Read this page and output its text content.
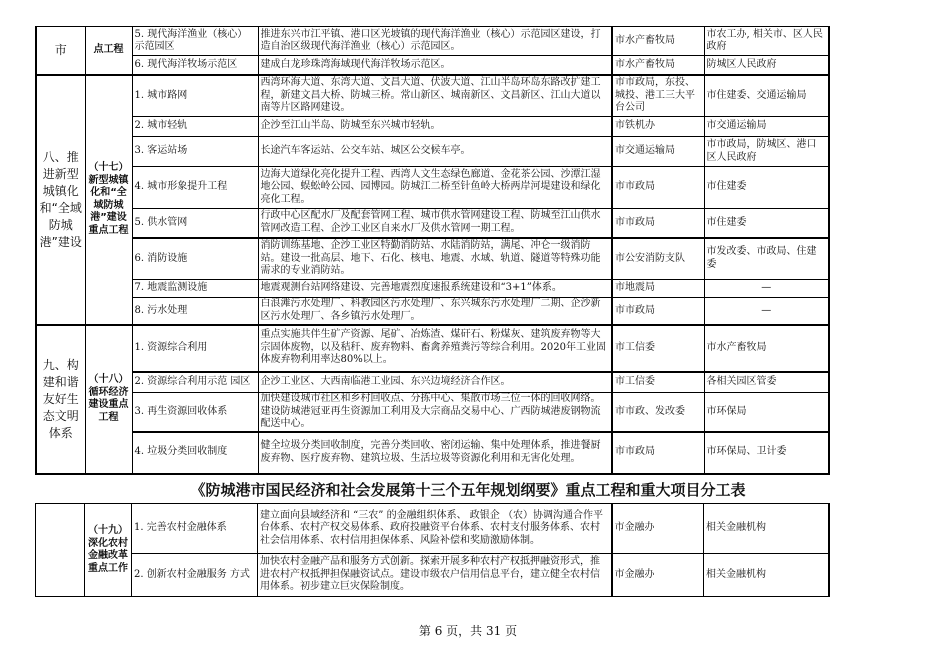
市	点工程	5. 现代海洋渔业（核心）示范园区	推进东兴市江平镇、港口区光坡镇的现代海洋渔业（核心）示范园区建设，打造自治区级现代海洋渔业（核心）示范园区。	市水产畜牧局	市农工办, 相关市、区人民政府
		6. 现代海洋牧场示范区	建成白龙珍珠湾海域现代海洋牧场示范区。	市水产畜牧局	防城区人民政府
八、推进新型城镇化和“全域防城港”建设	（十七）新型城镇化和“全域防城港”建设重点工程	1. 城市路网	西湾环海大道、东湾大道、文昌大道、伏波大道、江山半岛环岛东路改扩建工程，新建文昌大桥、防城三桥。常山新区、城南新区、文昌新区、江山大道以南等片区路网建设。	市市政局，东投、城投、港工三大平台公司	市住建委、交通运输局
		2. 城市轻轨	企沙至江山半岛、防城至东兴城市轻轨。	市铁机办	市交通运输局
		3. 客运站场	长途汽车客运站、公交车站、城区公交候车亭。	市交通运输局	市市政局，防城区、港口区人民政府
		4. 城市形象提升工程	边海大道绿化亮化提升工程、西湾人文生态绿色廊道、金花茶公园、沙潭江湿地公园、蜈蚣岭公园、园博园。防城江二桥至针鱼岭大桥两岸河堤建设和绿化亮化工程。	市市政局	市住建委
		5. 供水管网	行政中心区配水厂及配套管网工程、城市供水管网建设工程、防城至江山供水管网改造工程、企沙工业区自来水厂及供水管网一期工程。	市市政局	市住建委
		6. 消防设施	消防训练基地、企沙工业区特勤消防站、水陆消防站，满尾、冲仑一级消防站。建设一批高层、地下、石化、核电、地震、水域、轨道、隧道等特殊功能需求的专业消防站。	市公安消防支队	市发改委、市政局、住建委
		7. 地震监测设施	地震观测台站网络建设、完善地震烈度速报系统建设和“3+1”体系。	市地震局	—
		8. 污水处理	白浪滩污水处理厂、科教园区污水处理厂、东兴城东污水处理厂二期、企沙新区污水处理厂、各乡镇污水处理厂。	市市政局	—
九、构建和谐友好生态文明体系	（十八）循环经济建设重点工程	1. 资源综合利用	重点实施共伴生矿产资源、尾矿、冶炼渣、煤矸石、粉煤灰、建筑废弃物等大宗固体废物，以及秸秆、废弃物料、畜禽养殖粪污等综合利用。2020年工业固体废弃物利用率达80%以上。	市工信委	市水产畜牧局
		2. 资源综合利用示范 园区	企沙工业区、大西南临港工业园、东兴边境经济合作区。	市工信委	各相关园区管委
		3. 再生资源回收体系	加快建设城市社区和乡村回收点、分拣中心、集散市场三位一体的回收网络。建设防城港冠亚再生资源加工利用及大宗商品交易中心、广西防城港废钢物流配送中心。	市市政、发改委	市环保局
		4. 垃圾分类回收制度	健全垃圾分类回收制度，完善分类回收、密闭运输、集中处理体系，推进餐厨废弃物、医疗废弃物、建筑垃圾、生活垃圾等资源化利用和无害化处理。	市市政局	市环保局、卫计委
《防城港市国民经济和社会发展第十三个五年规划纲要》重点工程和重大项目分工表
	（十九）深化农村金融改革重点工作	1. 完善农村金融体系	建立面向县域经济和 “三农” 的金融组织体系、 政银企 （农）协调沟通合作平台体系、农村产权交易体系、政府投融资平台体系、农村支付服务体系、农村社会信用体系、农村信用担保体系、风险补偿和奖励激励体制。	市金融办	相关金融机构
		2. 创新农村金融服务 方式	加快农村金融产品和服务方式创新。探索开展多种农村产权抵押融资形式，推进农村产权抵押担保融资试点。建设市级农户信用信息平台，建立健全农村信用体系。初步建立巨灾保险制度。	市金融办	相关金融机构
第 6 页，共 31 页
